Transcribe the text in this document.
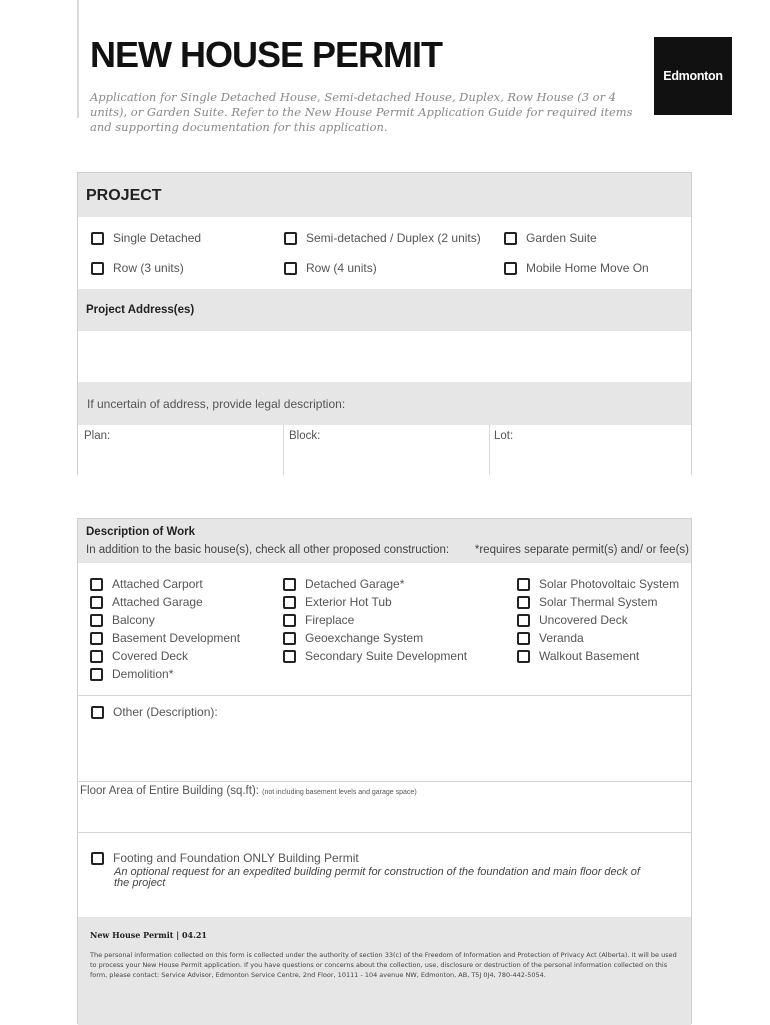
NEW HOUSE PERMIT
Application for Single Detached House, Semi-detached House, Duplex, Row House (3 or 4 units), or Garden Suite. Refer to the New House Permit Application Guide for required items and supporting documentation for this application.
Edmonton
PROJECT
Single Detached	Semi-detached / Duplex (2 units)	Garden Suite
Row (3 units)	Row (4 units)	Mobile Home Move On
Project Address(es)
If uncertain of address, provide legal description:
Plan:	Block:	Lot:
Description of Work
In addition to the basic house(s), check all other proposed construction: *requires separate permit(s) and/ or fee(s)
Attached Carport
Attached Garage
Balcony
Basement Development
Covered Deck
Demolition*
Detached Garage*
Exterior Hot Tub
Fireplace
Geoexchange System
Secondary Suite Development
Solar Photovoltaic System
Solar Thermal System
Uncovered Deck
Veranda
Walkout Basement
Other (Description):
Floor Area of Entire Building (sq.ft): (not including basement levels and garage space)
Footing and Foundation ONLY Building Permit
An optional request for an expedited building permit for construction of the foundation and main floor deck of the project
New House Permit | 04.21
The personal information collected on this form is collected under the authority of section 33(c) of the Freedom of Information and Protection of Privacy Act (Alberta). It will be used to process your New House Permit application. If you have questions or concerns about the collection, use, disclosure or destruction of the personal information collected on this form, please contact: Service Advisor, Edmonton Service Centre, 2nd Floor, 10111 - 104 avenue NW, Edmonton, AB, T5J 0J4, 780-442-5054.
